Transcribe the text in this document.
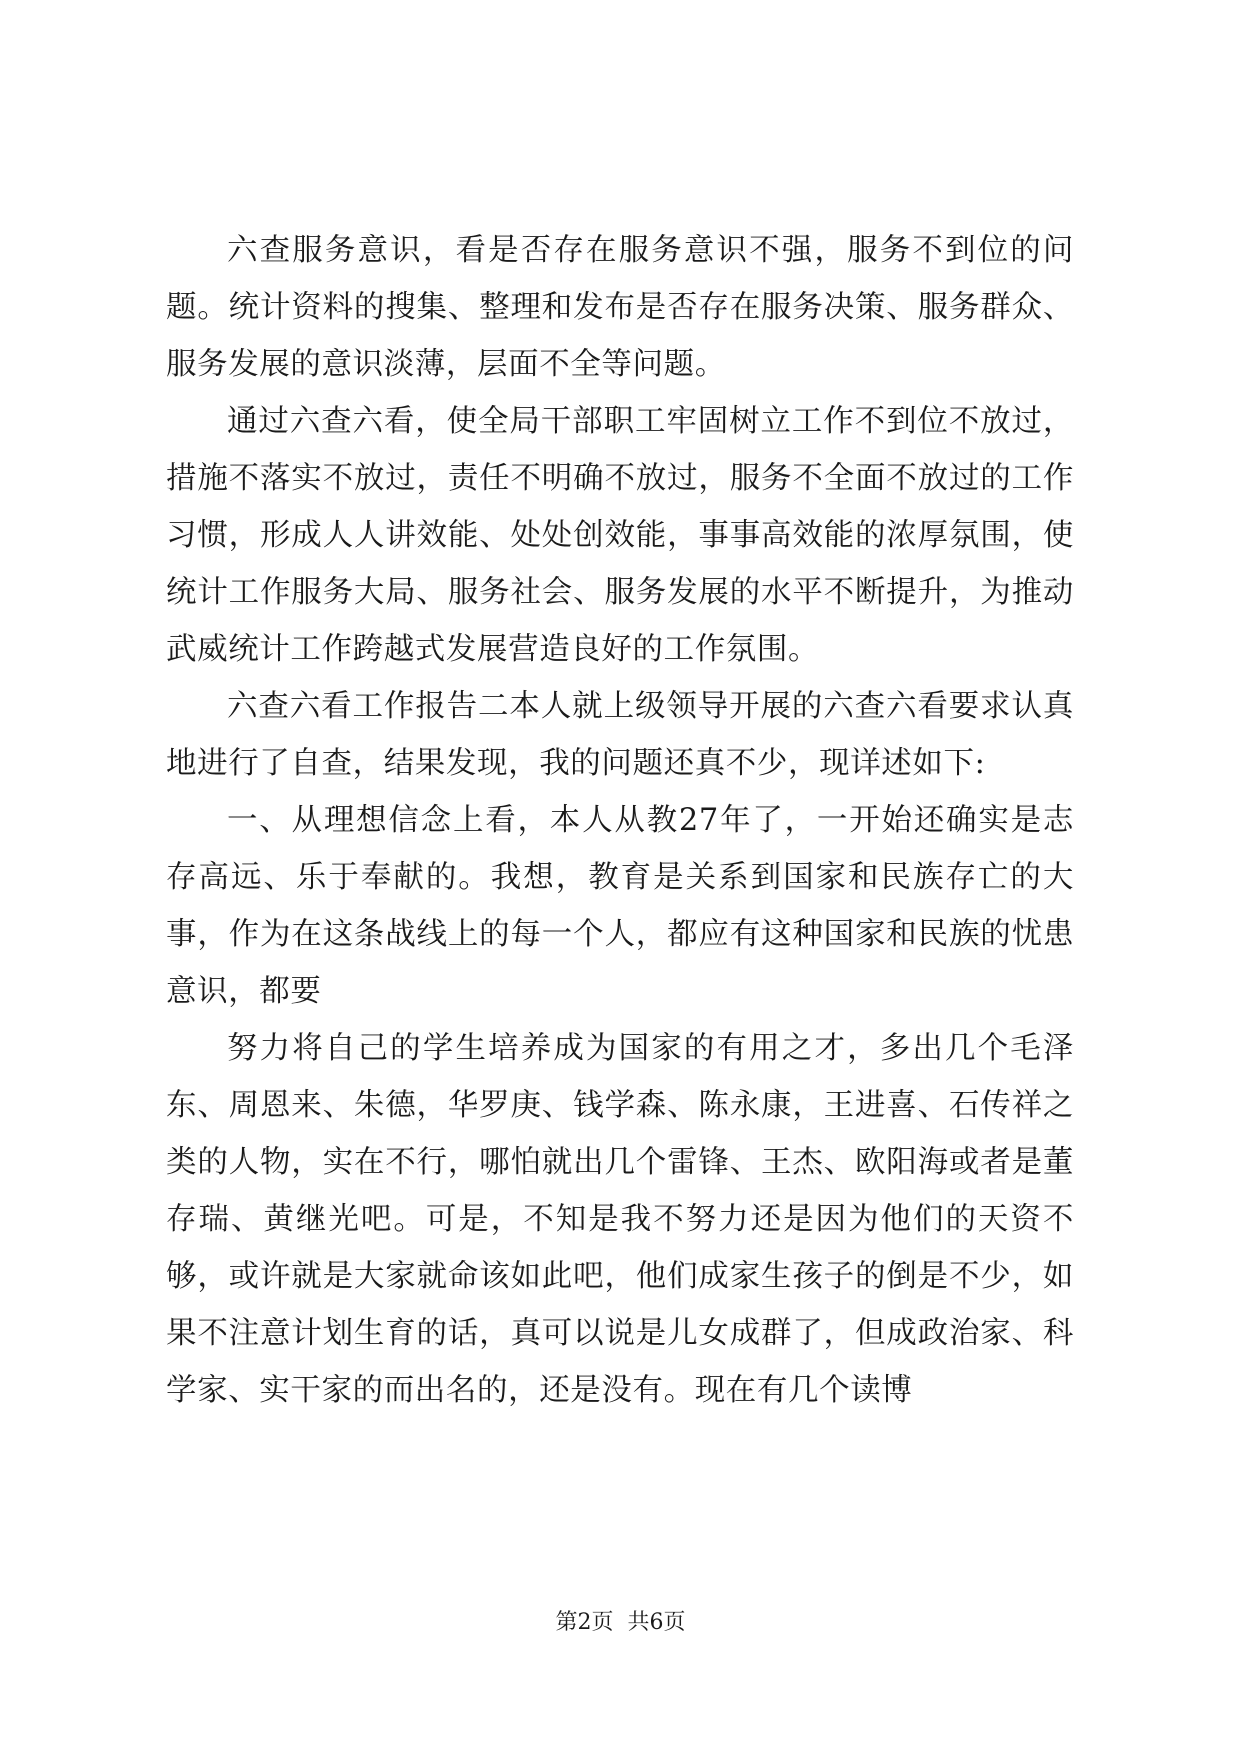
六查服务意识，看是否存在服务意识不强，服务不到位的问题。统计资料的搜集、整理和发布是否存在服务决策、服务群众、服务发展的意识淡薄，层面不全等问题。

通过六查六看，使全局干部职工牢固树立工作不到位不放过，措施不落实不放过，责任不明确不放过，服务不全面不放过的工作习惯，形成人人讲效能、处处创效能，事事高效能的浓厚氛围，使统计工作服务大局、服务社会、服务发展的水平不断提升，为推动武威统计工作跨越式发展营造良好的工作氛围。

六查六看工作报告二本人就上级领导开展的六查六看要求认真地进行了自查，结果发现，我的问题还真不少，现详述如下:

一、从理想信念上看，本人从教27年了，一开始还确实是志存高远、乐于奉献的。我想，教育是关系到国家和民族存亡的大事，作为在这条战线上的每一个人，都应有这种国家和民族的忧患意识，都要

努力将自己的学生培养成为国家的有用之才，多出几个毛泽东、周恩来、朱德，华罗庚、钱学森、陈永康，王进喜、石传祥之类的人物，实在不行，哪怕就出几个雷锋、王杰、欧阳海或者是董存瑞、黄继光吧。可是，不知是我不努力还是因为他们的天资不够，或许就是大家就命该如此吧，他们成家生孩子的倒是不少，如果不注意计划生育的话，真可以说是儿女成群了，但成政治家、科学家、实干家的而出名的，还是没有。现在有几个读博

第2页 共6页
